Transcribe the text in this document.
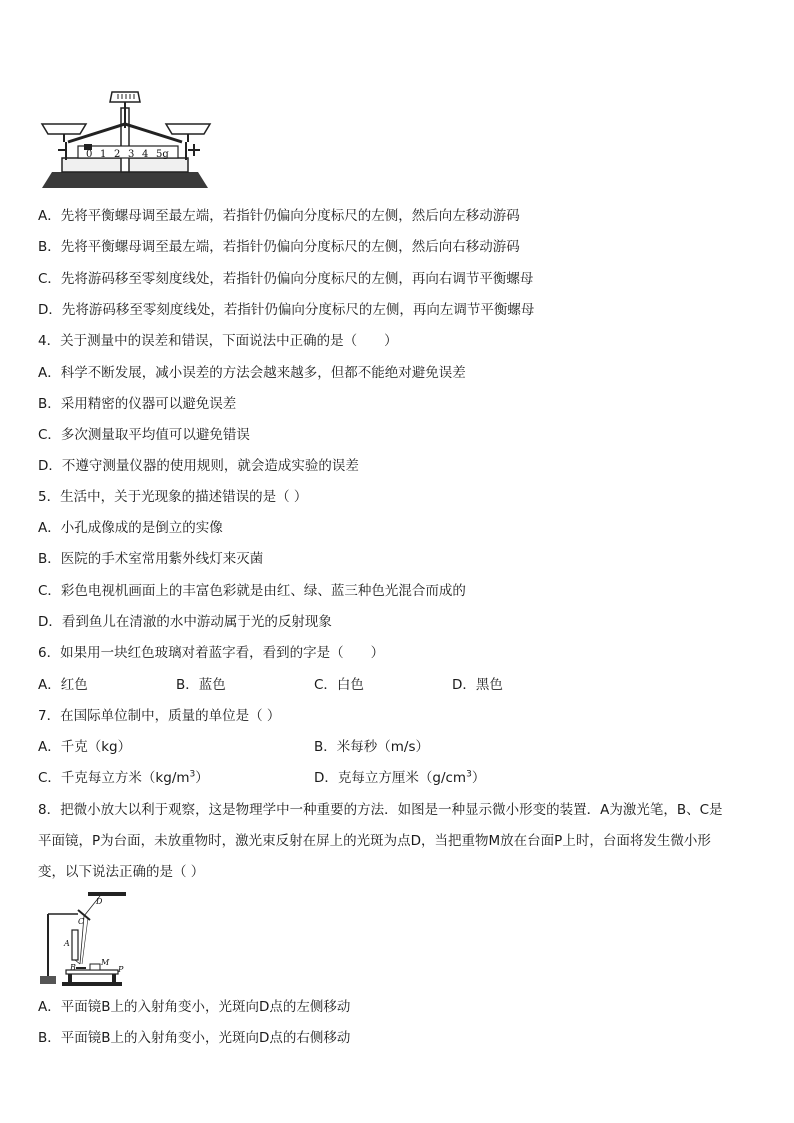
0 1 2 3 4 5g
A．先将平衡螺母调至最左端，若指针仍偏向分度标尺的左侧，然后向左移动游码
B．先将平衡螺母调至最左端，若指针仍偏向分度标尺的左侧，然后向右移动游码
C．先将游码移至零刻度线处，若指针仍偏向分度标尺的左侧，再向右调节平衡螺母
D．先将游码移至零刻度线处，若指针仍偏向分度标尺的左侧，再向左调节平衡螺母
4．关于测量中的误差和错误，下面说法中正确的是（　　）
A．科学不断发展，减小误差的方法会越来越多，但都不能绝对避免误差
B．采用精密的仪器可以避免误差
C．多次测量取平均值可以避免错误
D．不遵守测量仪器的使用规则，就会造成实验的误差
5．生活中，关于光现象的描述错误的是（ ）
A．小孔成像成的是倒立的实像
B．医院的手术室常用紫外线灯来灭菌
C．彩色电视机画面上的丰富色彩就是由红、绿、蓝三种色光混合而成的
D．看到鱼儿在清澈的水中游动属于光的反射现象
6．如果用一块红色玻璃对着蓝字看，看到的字是（　　）
A．红色	B．蓝色	C．白色	D．黑色
7．在国际单位制中，质量的单位是（ ）
A．千克（kg）	B．米每秒（m/s）
C．千克每立方米$(kg/m^3)$	D．克每立方厘米$(g/cm^3)$
8．把微小放大以利于观察，这是物理学中一种重要的方法．如图是一种显示微小形变的装置．A为激光笔，B、C是
平面镜，P为台面，未放重物时，激光束反射在屏上的光斑为点D，当把重物M放在台面P上时，台面将发生微小形
变，以下说法正确的是（ ）
D
C
A
B
M
P
A．平面镜B上的入射角变小，光斑向D点的左侧移动
B．平面镜B上的入射角变小，光斑向D点的右侧移动
